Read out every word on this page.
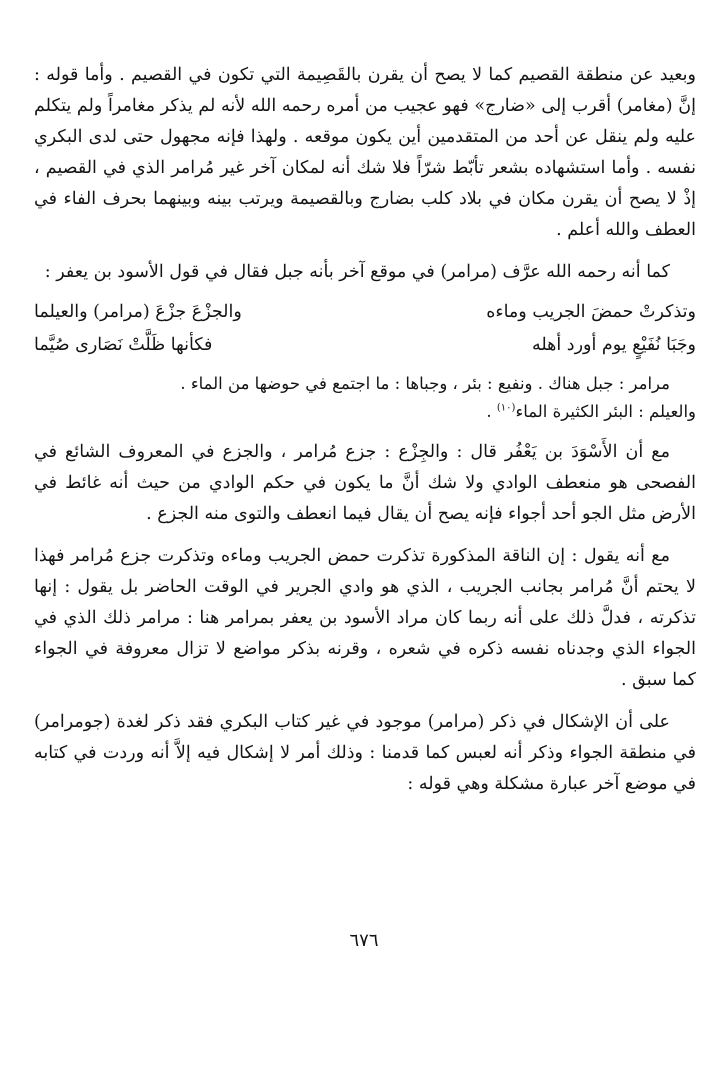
وبعيد عن منطقة القصيم كما لا يصح أن يقرن بالقَصِيمة التي تكون في القصيم . وأما قوله : إنَّ (مغامر) أقرب إلى «ضارج» فهو عجيب من أمره رحمه الله لأنه لم يذكر مغامراً ولم يتكلم عليه ولم ينقل عن أحد من المتقدمين أين يكون موقعه . ولهذا فإنه مجهول حتى لدى البكري نفسه . وأما استشهاده بشعر تأبّط شرّاً فلا شك أنه لمكان آخر غير مُرامر الذي في القصيم ، إذْ لا يصح أن يقرن مكان في بلاد كلب بضارج وبالقصيمة ويرتب بينه وبينهما بحرف الفاء في العطف والله أعلم .

كما أنه رحمه الله عرَّف (مرامر) في موقع آخر بأنه جبل فقال في قول الأسود بن يعفر :

وتذكرتْ حمضَ الجريب وماءه
والجزْعَ جزْعَ (مرامر) والعيلما
وجَبَا نُفَيْعٍ يوم أورد أهله
فكأنها ظَلَّتْ نَصَارى صُيَّما

مرامر : جبل هناك . ونفيع : بئر ، وجباها : ما اجتمع في حوضها من الماء .

والعيلم : البئر الكثيرة الماء$^{(١٠)}$ .

مع أن الأَسْوَدَ بن يَعْفُر قال : والجِزْع : جزع مُرامر ، والجزع في المعروف الشائع في الفصحى هو منعطف الوادي ولا شك أنَّ ما يكون في حكم الوادي من حيث أنه غائط في الأرض مثل الجو أحد أجواء فإنه يصح أن يقال فيما انعطف والتوى منه الجزع .

مع أنه يقول : إن الناقة المذكورة تذكرت حمض الجريب وماءه وتذكرت جزع مُرامر فهذا لا يحتم أنَّ مُرامر بجانب الجريب ، الذي هو وادي الجرير في الوقت الحاضر بل يقول : إنها تذكرته ، فدلَّ ذلك على أنه ربما كان مراد الأسود بن يعفر بمرامر هنا : مرامر ذلك الذي في الجواء الذي وجدناه نفسه ذكره في شعره ، وقرنه بذكر مواضع لا تزال معروفة في الجواء كما سبق .

على أن الإشكال في ذكر (مرامر) موجود في غير كتاب البكري فقد ذكر لغدة (جومرامر) في منطقة الجواء وذكر أنه لعبس كما قدمنا : وذلك أمر لا إشكال فيه إلاَّ أنه وردت في كتابه في موضع آخر عبارة مشكلة وهي قوله :

٦٧٦
